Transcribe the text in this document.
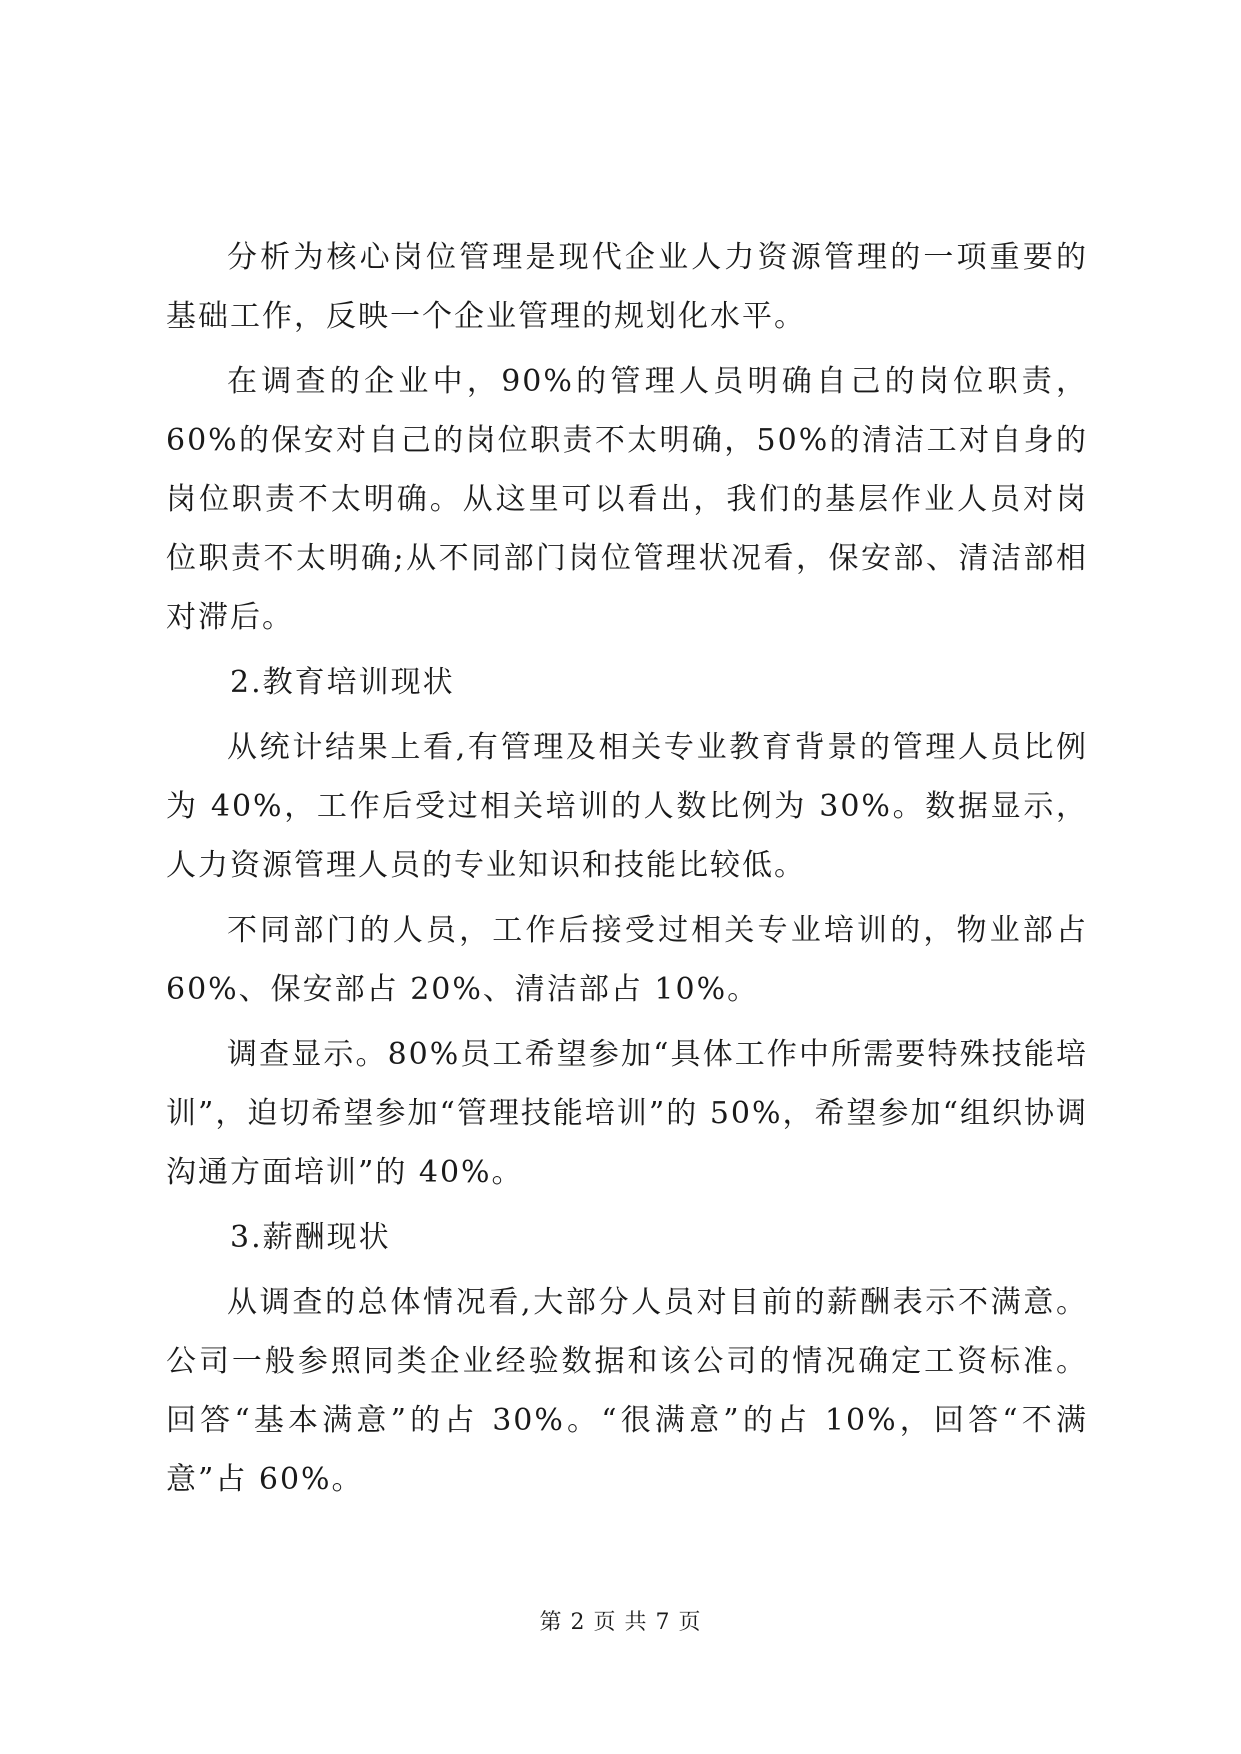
分析为核心岗位管理是现代企业人力资源管理的一项重要的基础工作，反映一个企业管理的规划化水平。

在调查的企业中，90%的管理人员明确自己的岗位职责，60%的保安对自己的岗位职责不太明确，50%的清洁工对自身的岗位职责不太明确。从这里可以看出，我们的基层作业人员对岗位职责不太明确;从不同部门岗位管理状况看，保安部、清洁部相对滞后。

2.教育培训现状

从统计结果上看,有管理及相关专业教育背景的管理人员比例为 40%，工作后受过相关培训的人数比例为 30%。数据显示，人力资源管理人员的专业知识和技能比较低。

不同部门的人员，工作后接受过相关专业培训的，物业部占60%、保安部占 20%、清洁部占 10%。

调查显示。80%员工希望参加“具体工作中所需要特殊技能培训”，迫切希望参加“管理技能培训”的 50%，希望参加“组织协调沟通方面培训”的 40%。

3.薪酬现状

从调查的总体情况看,大部分人员对目前的薪酬表示不满意。公司一般参照同类企业经验数据和该公司的情况确定工资标准。回答“基本满意”的占 30%。“很满意”的占 10%，回答“不满意”占 60%。

第 2 页 共 7 页
